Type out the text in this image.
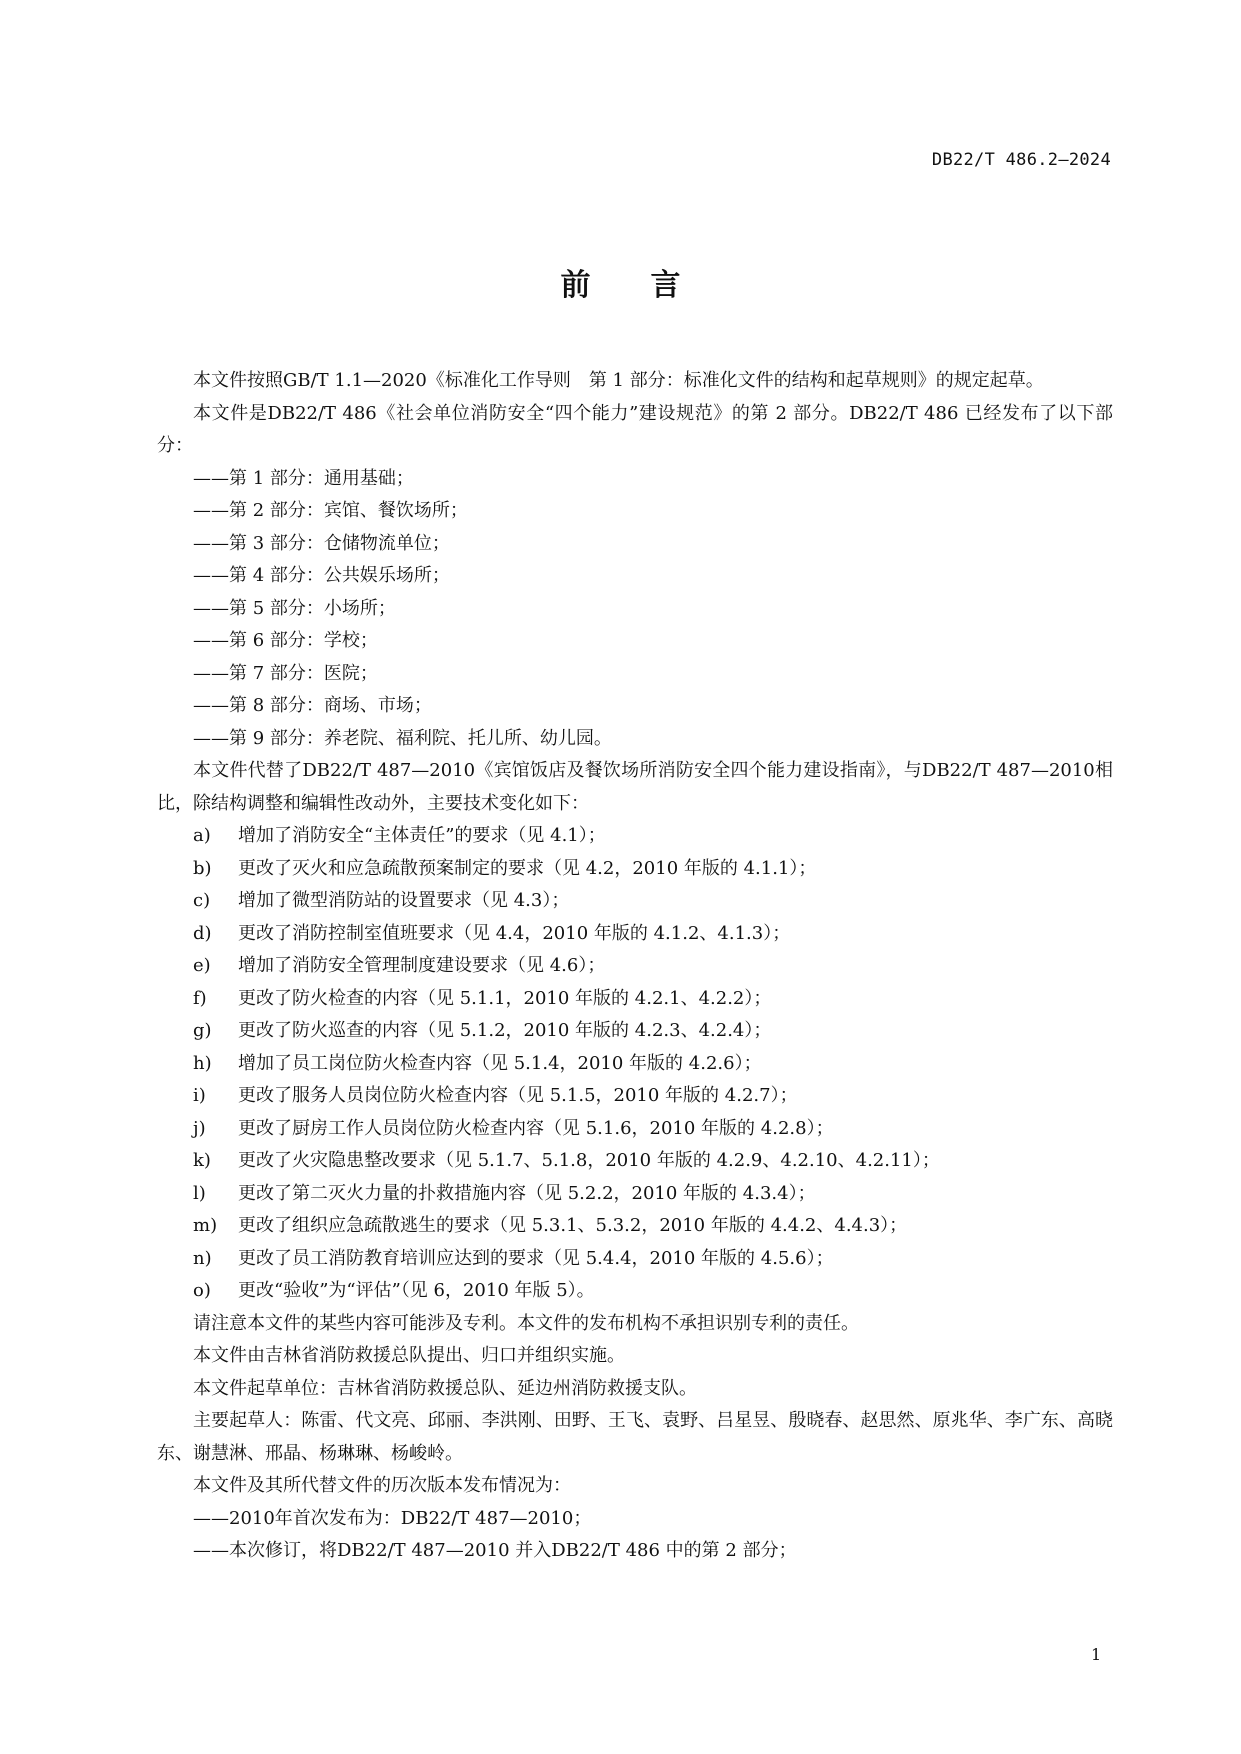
DB22/T 486.2—2024
前言
本文件按照GB/T 1.1—2020《标准化工作导则　第 1 部分：标准化文件的结构和起草规则》的规定起草。
本文件是DB22/T 486《社会单位消防安全“四个能力”建设规范》的第 2 部分。DB22/T 486 已经发布了以下部分：
——第 1 部分：通用基础；
——第 2 部分：宾馆、餐饮场所；
——第 3 部分：仓储物流单位；
——第 4 部分：公共娱乐场所；
——第 5 部分：小场所；
——第 6 部分：学校；
——第 7 部分：医院；
——第 8 部分：商场、市场；
——第 9 部分：养老院、福利院、托儿所、幼儿园。
本文件代替了DB22/T 487—2010《宾馆饭店及餐饮场所消防安全四个能力建设指南》，与DB22/T 487—2010相比，除结构调整和编辑性改动外，主要技术变化如下：
a) 增加了消防安全“主体责任”的要求（见 4.1）；
b) 更改了灭火和应急疏散预案制定的要求（见 4.2，2010 年版的 4.1.1）；
c) 增加了微型消防站的设置要求（见 4.3）；
d) 更改了消防控制室值班要求（见 4.4，2010 年版的 4.1.2、4.1.3）；
e) 增加了消防安全管理制度建设要求（见 4.6）；
f) 更改了防火检查的内容（见 5.1.1，2010 年版的 4.2.1、4.2.2）；
g) 更改了防火巡查的内容（见 5.1.2，2010 年版的 4.2.3、4.2.4）；
h) 增加了员工岗位防火检查内容（见 5.1.4，2010 年版的 4.2.6）；
i) 更改了服务人员岗位防火检查内容（见 5.1.5，2010 年版的 4.2.7）；
j) 更改了厨房工作人员岗位防火检查内容（见 5.1.6，2010 年版的 4.2.8）；
k) 更改了火灾隐患整改要求（见 5.1.7、5.1.8，2010 年版的 4.2.9、4.2.10、4.2.11）；
l) 更改了第二灭火力量的扑救措施内容（见 5.2.2，2010 年版的 4.3.4）；
m) 更改了组织应急疏散逃生的要求（见 5.3.1、5.3.2，2010 年版的 4.4.2、4.4.3）；
n) 更改了员工消防教育培训应达到的要求（见 5.4.4，2010 年版的 4.5.6）；
o) 更改“验收”为“评估”（见 6，2010 年版 5）。
请注意本文件的某些内容可能涉及专利。本文件的发布机构不承担识别专利的责任。
本文件由吉林省消防救援总队提出、归口并组织实施。
本文件起草单位：吉林省消防救援总队、延边州消防救援支队。
主要起草人：陈雷、代文亮、邱丽、李洪刚、田野、王飞、袁野、吕星昱、殷晓春、赵思然、原兆华、李广东、高晓东、谢慧淋、邢晶、杨琳琳、杨峻岭。
本文件及其所代替文件的历次版本发布情况为：
——2010年首次发布为：DB22/T 487—2010；
——本次修订，将DB22/T 487—2010 并入DB22/T 486 中的第 2 部分；
1
